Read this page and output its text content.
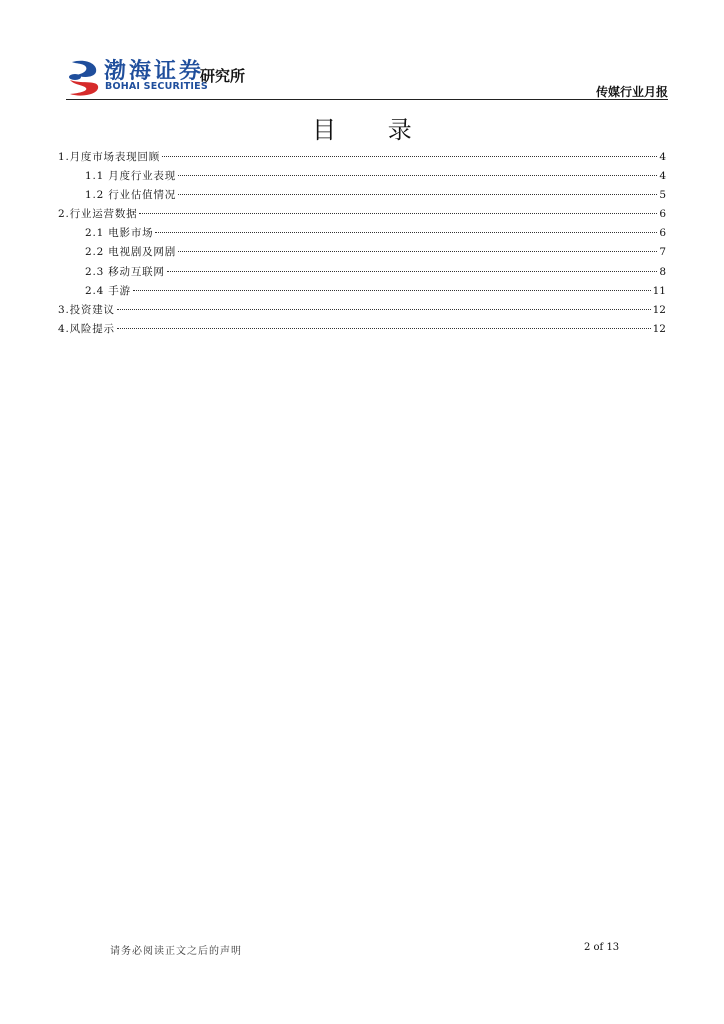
渤海证券
BOHAI SECURITIES
研究所
传媒行业月报
目 录
1.月度市场表现回顾	4
1.1 月度行业表现	4
1.2 行业估值情况	5
2.行业运营数据	6
2.1 电影市场	6
2.2 电视剧及网剧	7
2.3 移动互联网	8
2.4 手游	11
3.投资建议	12
4.风险提示	12
请务必阅读正文之后的声明	2 of 13
